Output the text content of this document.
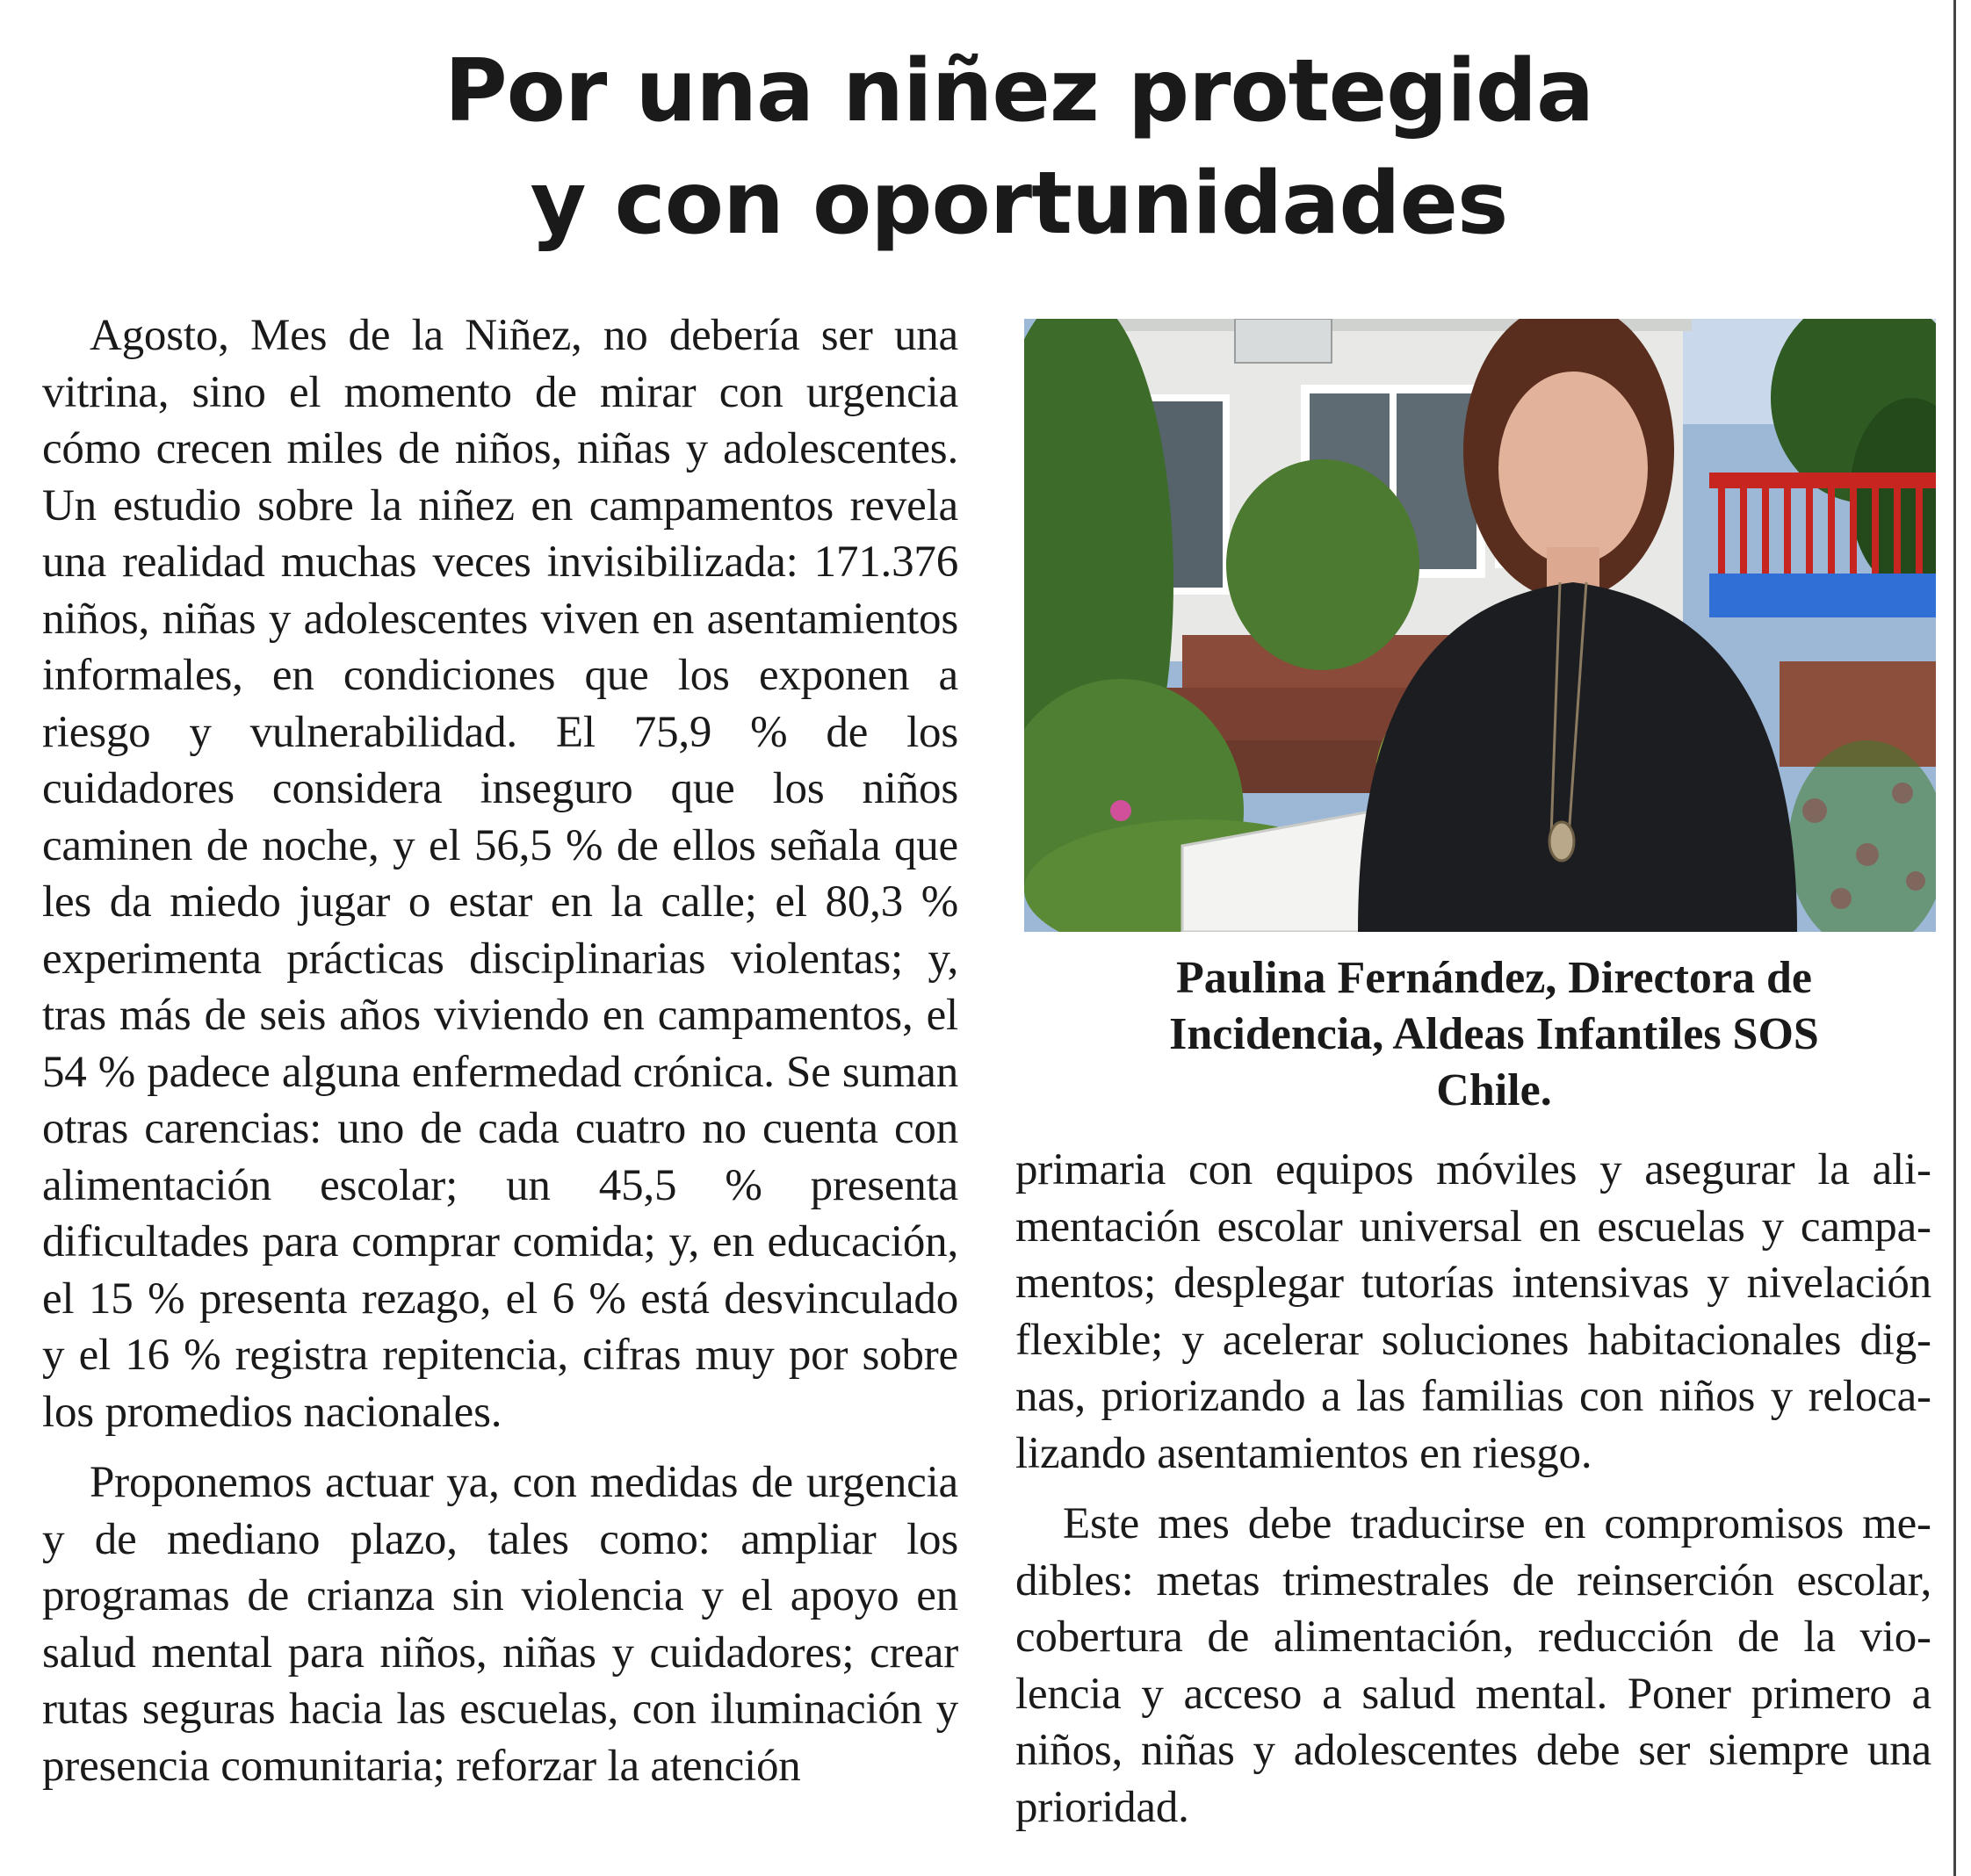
Por una niñez protegida
y con oportunidades

Agosto, Mes de la Niñez, no debería ser una vitrina, sino el momento de mirar con urgencia cómo crecen miles de niños, niñas y adolescentes. Un estudio sobre la niñez en campamentos revela una realidad muchas veces invisibilizada: 171.376 niños, niñas y adolescentes viven en asentamientos informales, en condiciones que los exponen a riesgo y vulnerabilidad. El 75,9 % de los cuidadores considera inseguro que los niños caminen de noche, y el 56,5 % de ellos señala que les da miedo jugar o estar en la calle; el 80,3 % experimenta prácticas disciplinarias violentas; y, tras más de seis años viviendo en campamentos, el 54 % padece alguna enfermedad crónica. Se suman otras carencias: uno de cada cuatro no cuenta con alimentación escolar; un 45,5 % presenta dificultades para comprar comida; y, en educación, el 15 % presenta rezago, el 6 % está desvinculado y el 16 % registra repitencia, cifras muy por sobre los promedios nacionales.

Proponemos actuar ya, con medidas de urgencia y de mediano plazo, tales como: ampliar los programas de crianza sin violencia y el apoyo en salud mental para niños, niñas y cuidadores; crear rutas seguras hacia las escuelas, con iluminación y presencia comunitaria; reforzar la atención

Paulina Fernández, Directora de
Incidencia, Aldeas Infantiles SOS
Chile.

primaria con equipos móviles y asegurar la alimentación escolar universal en escuelas y campamentos; desplegar tutorías intensivas y nivelación flexible; y acelerar soluciones habitacionales dignas, priorizando a las familias con niños y relocalizando asentamientos en riesgo.

Este mes debe traducirse en compromisos medibles: metas trimestrales de reinserción escolar, cobertura de alimentación, reducción de la violencia y acceso a salud mental. Poner primero a niños, niñas y adolescentes debe ser siempre una prioridad.
